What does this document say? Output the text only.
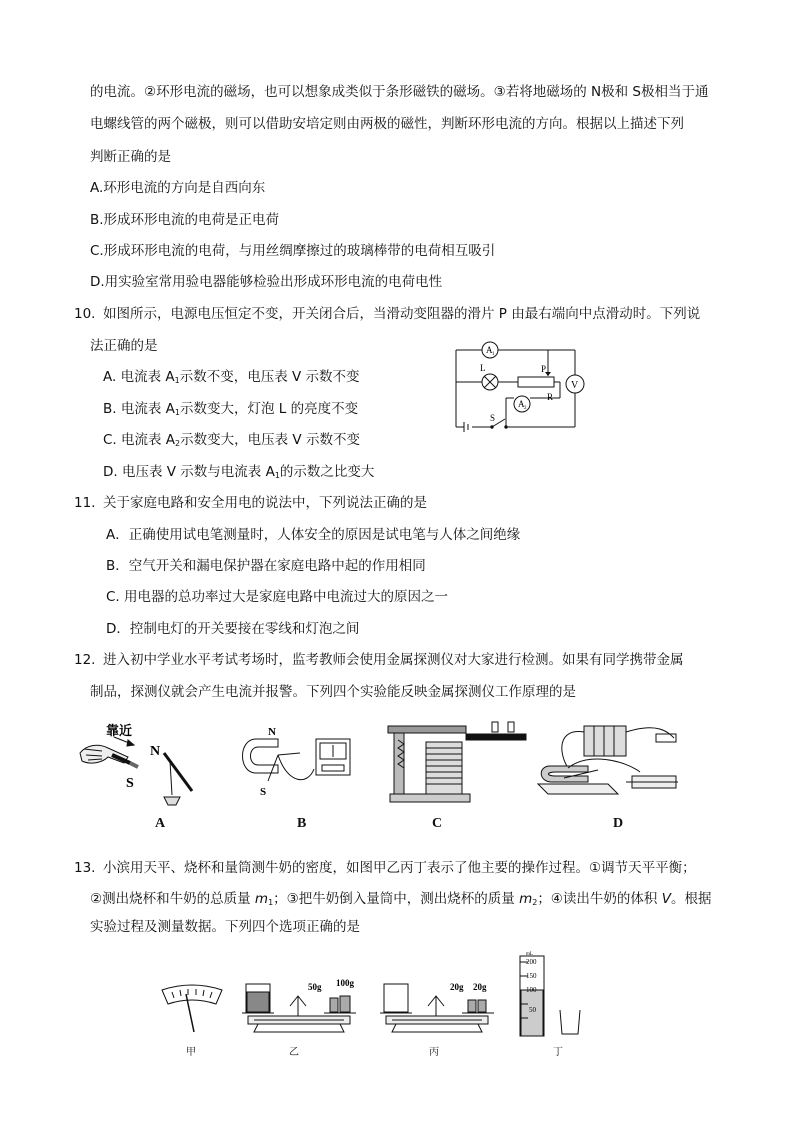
的电流。②环形电流的磁场，也可以想象成类似于条形磁铁的磁场。③若将地磁场的 N极和 S极相当于通
电螺线管的两个磁极，则可以借助安培定则由两极的磁性，判断环形电流的方向。根据以上描述下列
判断正确的是
A.环形电流的方向是自西向东
B.形成环形电流的电荷是正电荷
C.形成环形电流的电荷，与用丝绸摩擦过的玻璃棒带的电荷相互吸引
D.用实验室常用验电器能够检验出形成环形电流的电荷电性
10. 如图所示，电源电压恒定不变，开关闭合后，当滑动变阻器的滑片 P 由最右端向中点滑动时。下列说
法正确的是
A. 电流表 $A_1$示数不变，电压表 V 示数不变
B. 电流表 $A_1$示数变大，灯泡 L 的亮度不变
C. 电流表 $A_2$示数变大，电压表 V 示数不变
D. 电压表 V 示数与电流表 $A_1$的示数之比变大
A 1
A 2
V
L	P
R
S
11. 关于家庭电路和安全用电的说法中，下列说法正确的是
A．正确使用试电笔测量时，人体安全的原因是试电笔与人体之间绝缘
B．空气开关和漏电保护器在家庭电路中起的作用相同
C. 用电器的总功率过大是家庭电路中电流过大的原因之一
D．控制电灯的开关要接在零线和灯泡之间
12. 进入初中学业水平考试考场时，监考教师会使用金属探测仪对大家进行检测。如果有同学携带金属
制品，探测仪就会产生电流并报警。下列四个实验能反映金属探测仪工作原理的是
靠近
N
S
N
S
A	B	C	D
13. 小滨用天平、烧杯和量筒测牛奶的密度，如图甲乙丙丁表示了他主要的操作过程。①调节天平平衡；
②测出烧杯和牛奶的总质量 $m_1$；③把牛奶倒入量筒中，测出烧杯的质量 $m_2$；④读出牛奶的体积 V。根据
实验过程及测量数据。下列四个选项正确的是
50g 100g	20g 20g
mL
200
150
100
50
甲	乙	丙	丁
